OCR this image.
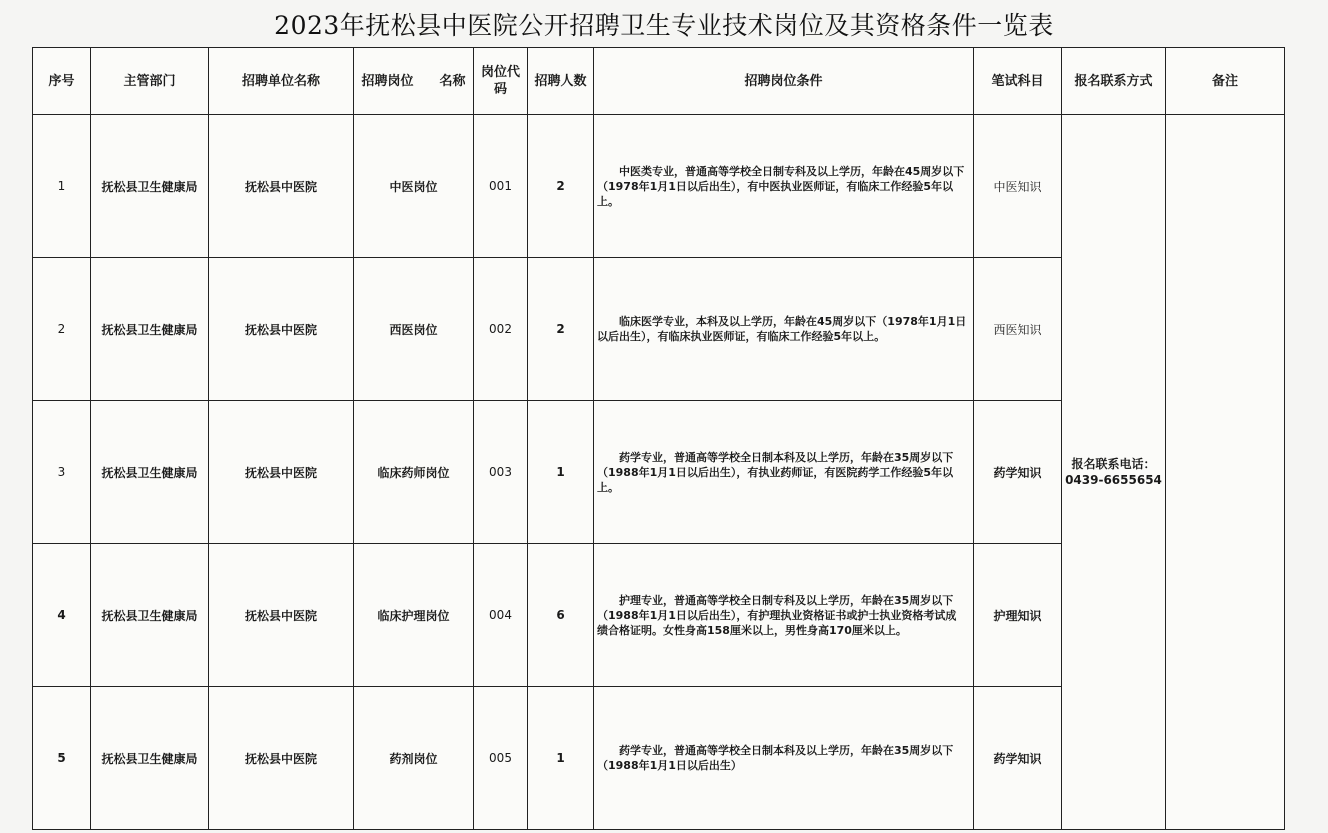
2023年抚松县中医院公开招聘卫生专业技术岗位及其资格条件一览表
序号	主管部门	招聘单位名称	招聘岗位　　名称	岗位代码	招聘人数	招聘岗位条件	笔试科目	报名联系方式	备注
1	抚松县卫生健康局	抚松县中医院	中医岗位	001	2	中医类专业，普通高等学校全日制专科及以上学历，年龄在45周岁以下（1978年1月1日以后出生），有中医执业医师证，有临床工作经验5年以上。	中医知识	报名联系电话：
0439-6655654	

2	抚松县卫生健康局	抚松县中医院	西医岗位	002	2	临床医学专业，本科及以上学历，年龄在45周岁以下（1978年1月1日以后出生），有临床执业医师证，有临床工作经验5年以上。	西医知识		
3	抚松县卫生健康局	抚松县中医院	临床药师岗位	003	1	药学专业，普通高等学校全日制本科及以上学历，年龄在35周岁以下（1988年1月1日以后出生），有执业药师证，有医院药学工作经验5年以上。	药学知识		
4	抚松县卫生健康局	抚松县中医院	临床护理岗位	004	6	护理专业，普通高等学校全日制专科及以上学历，年龄在35周岁以下（1988年1月1日以后出生），有护理执业资格证书或护士执业资格考试成绩合格证明。女性身高158厘米以上，男性身高170厘米以上。	护理知识		
5	抚松县卫生健康局	抚松县中医院	药剂岗位	005	1	药学专业，普通高等学校全日制本科及以上学历，年龄在35周岁以下（1988年1月1日以后出生）	药学知识		
